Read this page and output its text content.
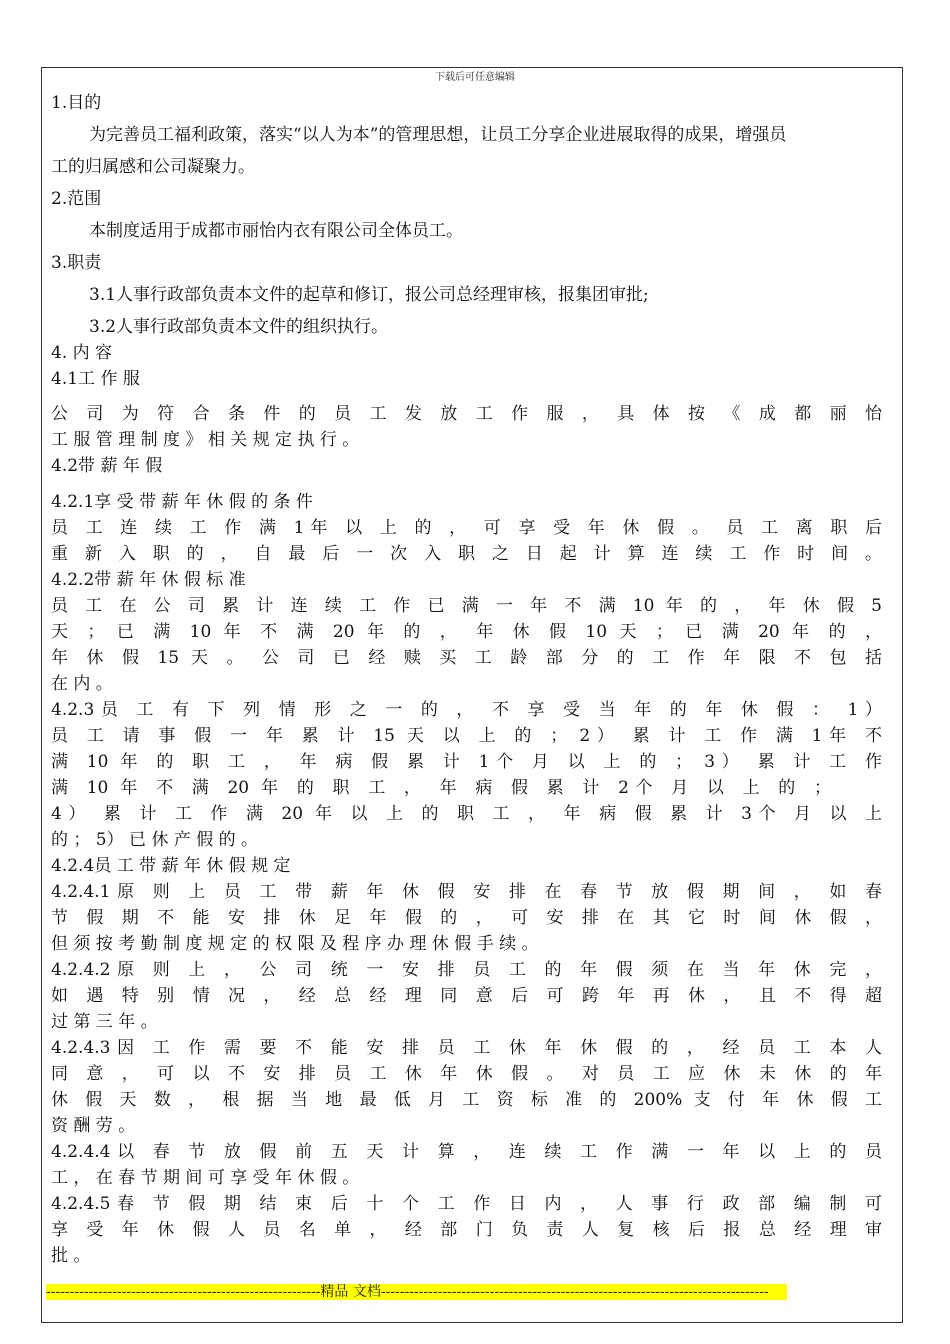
下载后可任意编辑
1.目的
为完善员工福利政策，落实“以人为本”的管理思想，让员工分享企业进展取得的成果，增强员
工的归属感和公司凝聚力。
2.范围
本制度适用于成都市丽怡内衣有限公司全体员工。
3.职责
3.1人事行政部负责本文件的起草和修订，报公司总经理审核，报集团审批;
3.2人事行政部负责本文件的组织执行。
4. 内 容
4.1工 作 服
公 司 为 符 合 条 件 的 员 工 发 放 工 作 服 ， 具 体 按 《 成 都 丽 怡
工 服 管 理 制 度 》 相 关 规 定 执 行 。
4.2带 薪 年 假
4.2.1享 受 带 薪 年 休 假 的 条 件
员 工 连 续 工 作 满 1年 以 上 的 ， 可 享 受 年 休 假 。 员 工 离 职 后
重 新 入 职 的 ， 自 最 后 一 次 入 职 之 日 起 计 算 连 续 工 作 时 间 。
4.2.2带 薪 年 休 假 标 准
员 工 在 公 司 累 计 连 续 工 作 已 满 一 年 不 满 10 年 的 ， 年 休 假 5
天 ； 已 满 10 年 不 满 20 年 的 ， 年 休 假 10 天 ； 已 满 20 年 的 ，
年 休 假 15 天 。 公 司 已 经 赎 买 工 龄 部 分 的 工 作 年 限 不 包 括
在 内 。
4.2.3员 工 有 下 列 情 形 之 一 的 ， 不 享 受 当 年 的 年 休 假 ： 1）
员 工 请 事 假 一 年 累 计 15 天 以 上 的 ； 2） 累 计 工 作 满 1年 不
满 10 年 的 职 工 ， 年 病 假 累 计 1个 月 以 上 的 ； 3） 累 计 工 作
满 10 年 不 满 20 年 的 职 工 ， 年 病 假 累 计 2个 月 以 上 的 ；
4） 累 计 工 作 满 20 年 以 上 的 职 工 ， 年 病 假 累 计 3个 月 以 上
的 ； 5） 已 休 产 假 的 。
4.2.4员 工 带 薪 年 休 假 规 定
4.2.4.1原 则 上 员 工 带 薪 年 休 假 安 排 在 春 节 放 假 期 间 ， 如 春
节 假 期 不 能 安 排 休 足 年 假 的 ， 可 安 排 在 其 它 时 间 休 假 ，
但 须 按 考 勤 制 度 规 定 的 权 限 及 程 序 办 理 休 假 手 续 。
4.2.4.2原 则 上 ， 公 司 统 一 安 排 员 工 的 年 假 须 在 当 年 休 完 ，
如 遇 特 别 情 况 ， 经 总 经 理 同 意 后 可 跨 年 再 休 ， 且 不 得 超
过 第 三 年 。
4.2.4.3因 工 作 需 要 不 能 安 排 员 工 休 年 休 假 的 ， 经 员 工 本 人
同 意 ， 可 以 不 安 排 员 工 休 年 休 假 。 对 员 工 应 休 未 休 的 年
休 假 天 数 ， 根 据 当 地 最 低 月 工 资 标 准 的 200% 支 付 年 休 假 工
资 酬 劳 。
4.2.4.4以 春 节 放 假 前 五 天 计 算 ， 连 续 工 作 满 一 年 以 上 的 员
工 ， 在 春 节 期 间 可 享 受 年 休 假 。
4.2.4.5春 节 假 期 结 束 后 十 个 工 作 日 内 ， 人 事 行 政 部 编 制 可
享 受 年 休 假 人 员 名 单 ， 经 部 门 负 责 人 复 核 后 报 总 经 理 审
批 。
----------------------------------------------------------精品 文档----------------------------------------------------------------------------------
